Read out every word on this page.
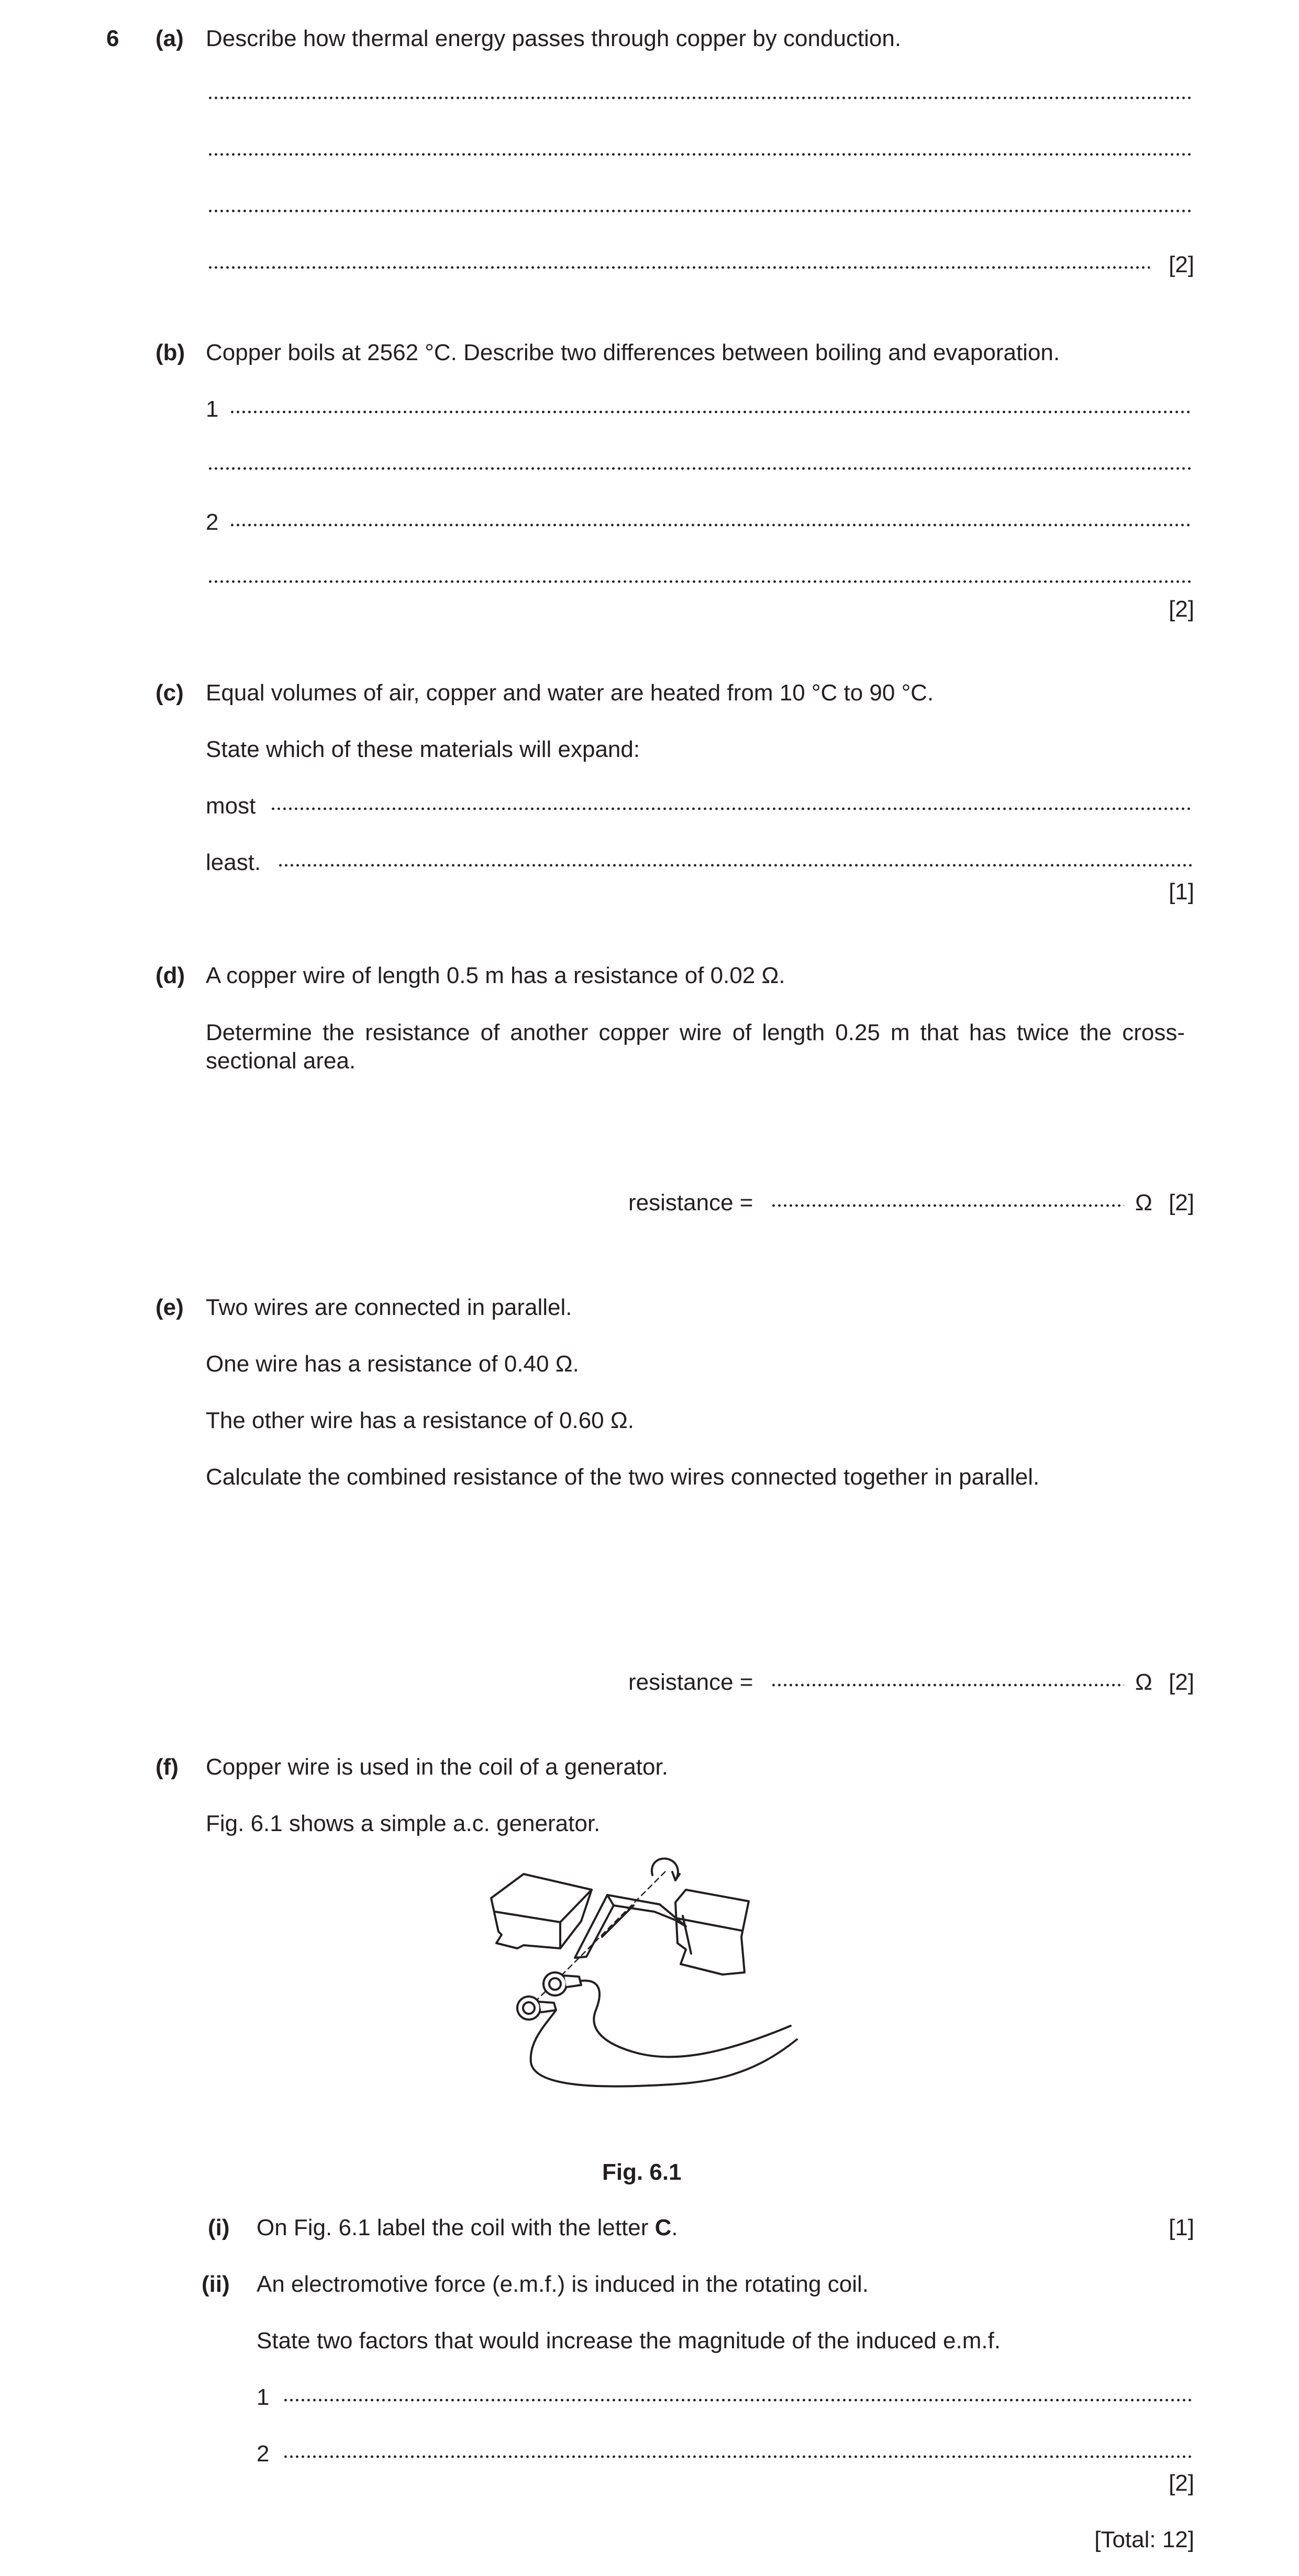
6 (a) Describe how thermal energy passes through copper by conduction.
[2]
(b) Copper boils at 2562 °C. Describe two differences between boiling and evaporation.
1
2
[2]
(c) Equal volumes of air, copper and water are heated from 10 °C to 90 °C.
State which of these materials will expand:
most
least.
[1]
(d) A copper wire of length 0.5 m has a resistance of 0.02 Ω.
Determine the resistance of another copper wire of length 0.25 m that has twice the cross-sectional area.
resistance =	Ω [2]
(e) Two wires are connected in parallel.
One wire has a resistance of 0.40 Ω.
The other wire has a resistance of 0.60 Ω.
Calculate the combined resistance of the two wires connected together in parallel.
resistance =	Ω [2]
(f) Copper wire is used in the coil of a generator.
Fig. 6.1 shows a simple a.c. generator.
Fig. 6.1
(i) On Fig. 6.1 label the coil with the letter C.	[1]
(ii) An electromotive force (e.m.f.) is induced in the rotating coil.
State two factors that would increase the magnitude of the induced e.m.f.
1
2
[2]
[Total: 12]
